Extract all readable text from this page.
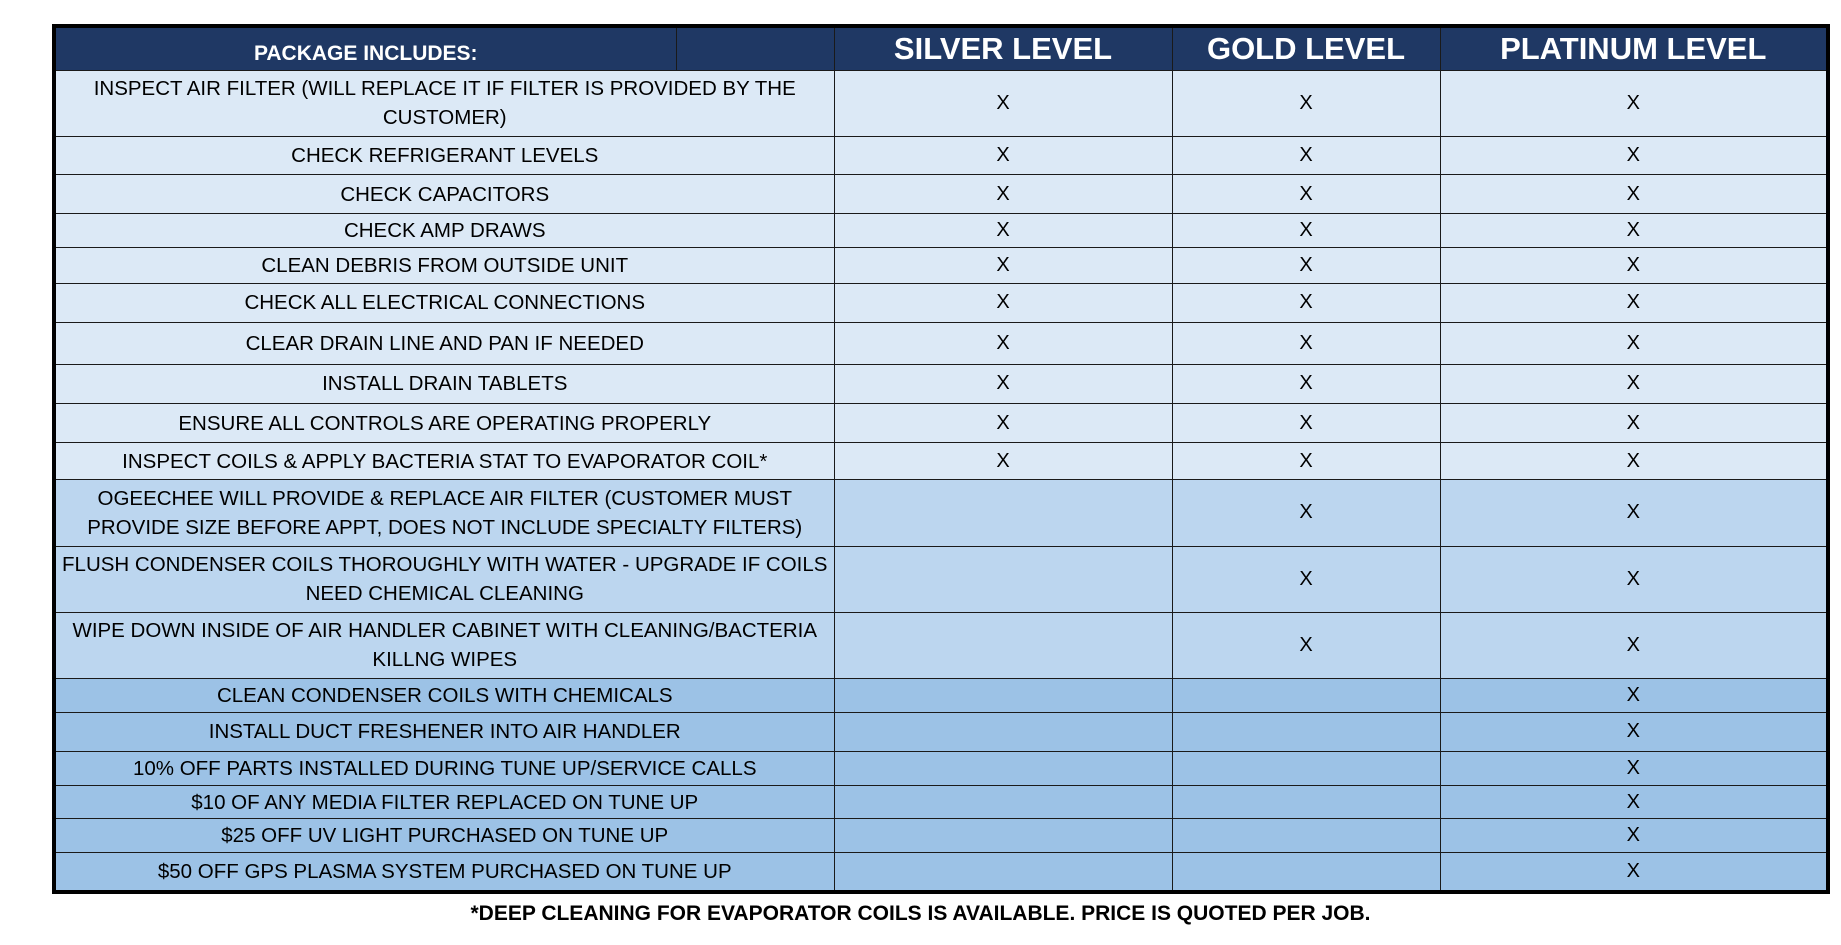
PACKAGE INCLUDES:		SILVER LEVEL	GOLD LEVEL	PLATINUM LEVEL
INSPECT AIR FILTER (WILL REPLACE IT IF FILTER IS PROVIDED BY THE CUSTOMER)		X	X	X
CHECK REFRIGERANT LEVELS		X	X	X
CHECK CAPACITORS		X	X	X
CHECK AMP DRAWS		X	X	X
CLEAN DEBRIS FROM OUTSIDE UNIT		X	X	X
CHECK ALL ELECTRICAL CONNECTIONS		X	X	X
CLEAR DRAIN LINE AND PAN IF NEEDED		X	X	X
INSTALL DRAIN TABLETS		X	X	X
ENSURE ALL CONTROLS ARE OPERATING PROPERLY		X	X	X
INSPECT COILS & APPLY BACTERIA STAT TO EVAPORATOR COIL*		X	X	X
OGEECHEE WILL PROVIDE & REPLACE AIR FILTER (CUSTOMER MUST PROVIDE SIZE BEFORE APPT, DOES NOT INCLUDE SPECIALTY FILTERS)			X	X
FLUSH CONDENSER COILS THOROUGHLY WITH WATER - UPGRADE IF COILS NEED CHEMICAL CLEANING			X	X
WIPE DOWN INSIDE OF AIR HANDLER CABINET WITH CLEANING/BACTERIA KILLNG WIPES			X	X
CLEAN CONDENSER COILS WITH CHEMICALS				X
INSTALL DUCT FRESHENER INTO AIR HANDLER				X
10% OFF PARTS INSTALLED DURING TUNE UP/SERVICE CALLS				X
$10 OF ANY MEDIA FILTER REPLACED ON TUNE UP				X
$25 OFF UV LIGHT PURCHASED ON TUNE UP				X
$50 OFF GPS PLASMA SYSTEM PURCHASED ON TUNE UP				X
*DEEP CLEANING FOR EVAPORATOR COILS IS AVAILABLE. PRICE IS QUOTED PER JOB.
